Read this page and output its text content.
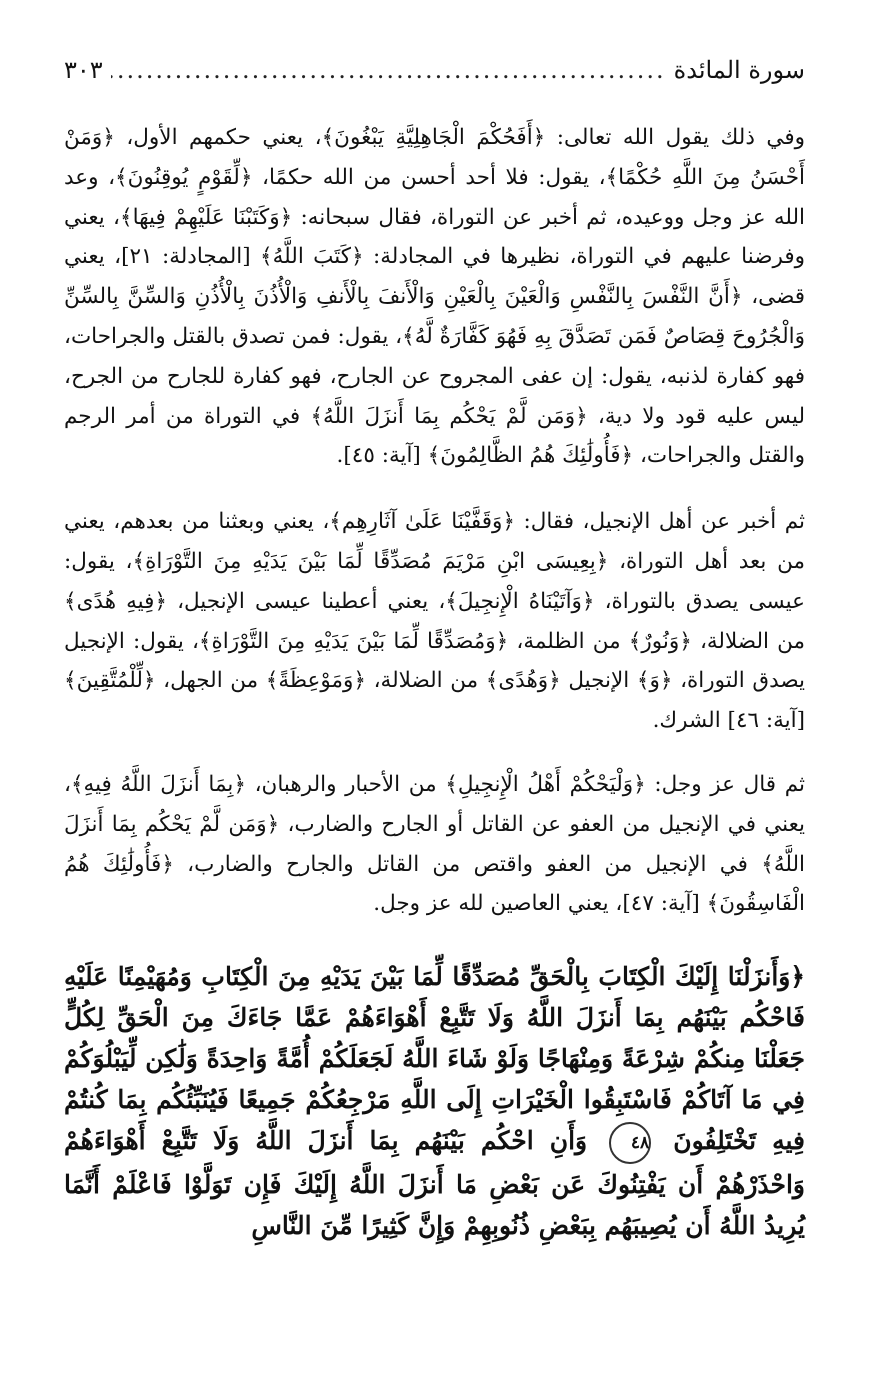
سورة المائدة
.....
٣٠٣

وفي ذلك يقول الله تعالى: ﴿أَفَحُكْمَ الْجَاهِلِيَّةِ يَبْغُونَ﴾، يعني حكمهم الأول، ﴿وَمَنْ أَحْسَنُ مِنَ اللَّهِ حُكْمًا﴾، يقول: فلا أحد أحسن من الله حكمًا، ﴿لِّقَوْمٍ يُوقِنُونَ﴾، وعد الله عز وجل ووعيده، ثم أخبر عن التوراة، فقال سبحانه: ﴿وَكَتَبْنَا عَلَيْهِمْ فِيهَا﴾، يعني وفرضنا عليهم في التوراة، نظيرها في المجادلة: ﴿كَتَبَ اللَّهُ﴾ [المجادلة: ٢١]، يعني قضى، ﴿أَنَّ النَّفْسَ بِالنَّفْسِ وَالْعَيْنَ بِالْعَيْنِ وَالْأَنفَ بِالْأَنفِ وَالْأُذُنَ بِالْأُذُنِ وَالسِّنَّ بِالسِّنِّ وَالْجُرُوحَ قِصَاصٌ فَمَن تَصَدَّقَ بِهِ فَهُوَ كَفَّارَةٌ لَّهُ﴾، يقول: فمن تصدق بالقتل والجراحات، فهو كفارة لذنبه، يقول: إن عفى المجروح عن الجارح، فهو كفارة للجارح من الجرح، ليس عليه قود ولا دية، ﴿وَمَن لَّمْ يَحْكُم بِمَا أَنزَلَ اللَّهُ﴾ في التوراة من أمر الرجم والقتل والجراحات، ﴿فَأُولَٰئِكَ هُمُ الظَّالِمُونَ﴾ [آية: ٤٥].

ثم أخبر عن أهل الإنجيل، فقال: ﴿وَقَفَّيْنَا عَلَىٰ آثَارِهِم﴾، يعني وبعثنا من بعدهم، يعني من بعد أهل التوراة، ﴿بِعِيسَى ابْنِ مَرْيَمَ مُصَدِّقًا لِّمَا بَيْنَ يَدَيْهِ مِنَ التَّوْرَاةِ﴾، يقول: عيسى يصدق بالتوراة، ﴿وَآتَيْنَاهُ الْإِنجِيلَ﴾، يعني أعطينا عيسى الإنجيل، ﴿فِيهِ هُدًى﴾ من الضلالة، ﴿وَنُورٌ﴾ من الظلمة، ﴿وَمُصَدِّقًا لِّمَا بَيْنَ يَدَيْهِ مِنَ التَّوْرَاةِ﴾، يقول: الإنجيل يصدق التوراة، ﴿وَ﴾ الإنجيل ﴿وَهُدًى﴾ من الضلالة، ﴿وَمَوْعِظَةً﴾ من الجهل، ﴿لِّلْمُتَّقِينَ﴾ [آية: ٤٦] الشرك.

ثم قال عز وجل: ﴿وَلْيَحْكُمْ أَهْلُ الْإِنجِيلِ﴾ من الأحبار والرهبان، ﴿بِمَا أَنزَلَ اللَّهُ فِيهِ﴾، يعني في الإنجيل من العفو عن القاتل أو الجارح والضارب، ﴿وَمَن لَّمْ يَحْكُم بِمَا أَنزَلَ اللَّهُ﴾ في الإنجيل من العفو واقتص من القاتل والجارح والضارب، ﴿فَأُولَٰئِكَ هُمُ الْفَاسِقُونَ﴾ [آية: ٤٧]، يعني العاصين لله عز وجل.

﴿وَأَنزَلْنَا إِلَيْكَ الْكِتَابَ بِالْحَقِّ مُصَدِّقًا لِّمَا بَيْنَ يَدَيْهِ مِنَ الْكِتَابِ وَمُهَيْمِنًا عَلَيْهِ فَاحْكُم بَيْنَهُم بِمَا أَنزَلَ اللَّهُ وَلَا تَتَّبِعْ أَهْوَاءَهُمْ عَمَّا جَاءَكَ مِنَ الْحَقِّ لِكُلٍّ جَعَلْنَا مِنكُمْ شِرْعَةً وَمِنْهَاجًا وَلَوْ شَاءَ اللَّهُ لَجَعَلَكُمْ أُمَّةً وَاحِدَةً وَلَٰكِن لِّيَبْلُوَكُمْ فِي مَا آتَاكُمْ فَاسْتَبِقُوا الْخَيْرَاتِ إِلَى اللَّهِ مَرْجِعُكُمْ جَمِيعًا فَيُنَبِّئُكُم بِمَا كُنتُمْ فِيهِ تَخْتَلِفُونَ ٤٨ وَأَنِ احْكُم بَيْنَهُم بِمَا أَنزَلَ اللَّهُ وَلَا تَتَّبِعْ أَهْوَاءَهُمْ وَاحْذَرْهُمْ أَن يَفْتِنُوكَ عَن بَعْضِ مَا أَنزَلَ اللَّهُ إِلَيْكَ فَإِن تَوَلَّوْا فَاعْلَمْ أَنَّمَا يُرِيدُ اللَّهُ أَن يُصِيبَهُم بِبَعْضِ ذُنُوبِهِمْ وَإِنَّ كَثِيرًا مِّنَ النَّاسِ
